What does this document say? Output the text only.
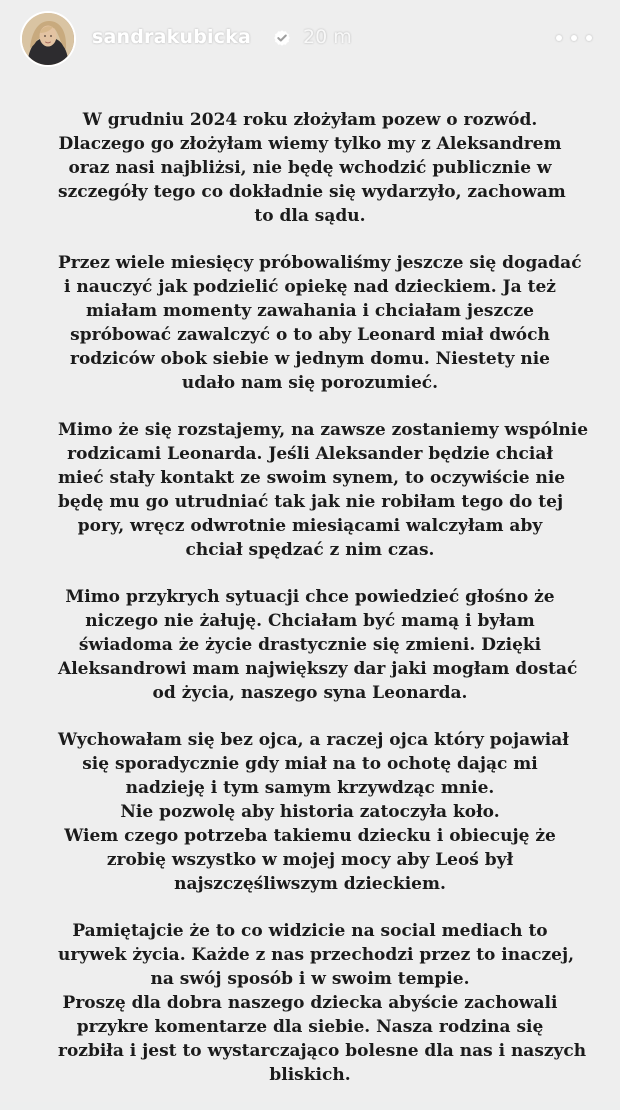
sandrakubicka	20 m
W grudniu 2024 roku złożyłam pozew o rozwód.
Dlaczego go złożyłam wiemy tylko my z Aleksandrem
oraz nasi najbliżsi, nie będę wchodzić publicznie w
szczegóły tego co dokładnie się wydarzyło, zachowam
to dla sądu.
Przez wiele miesięcy próbowaliśmy jeszcze się dogadać
i nauczyć jak podzielić opiekę nad dzieckiem. Ja też
miałam momenty zawahania i chciałam jeszcze
spróbować zawalczyć o to aby Leonard miał dwóch
rodziców obok siebie w jednym domu. Niestety nie
udało nam się porozumieć.
Mimo że się rozstajemy, na zawsze zostaniemy wspólnie
rodzicami Leonarda. Jeśli Aleksander będzie chciał
mieć stały kontakt ze swoim synem, to oczywiście nie
będę mu go utrudniać tak jak nie robiłam tego do tej
pory, wręcz odwrotnie miesiącami walczyłam aby
chciał spędzać z nim czas.
Mimo przykrych sytuacji chce powiedzieć głośno że
niczego nie żałuję. Chciałam być mamą i byłam
świadoma że życie drastycznie się zmieni. Dzięki
Aleksandrowi mam największy dar jaki mogłam dostać
od życia, naszego syna Leonarda.
Wychowałam się bez ojca, a raczej ojca który pojawiał
się sporadycznie gdy miał na to ochotę dając mi
nadzieję i tym samym krzywdząc mnie.
Nie pozwolę aby historia zatoczyła koło.
Wiem czego potrzeba takiemu dziecku i obiecuję że
zrobię wszystko w mojej mocy aby Leoś był
najszczęśliwszym dzieckiem.
Pamiętajcie że to co widzicie na social mediach to
urywek życia. Każde z nas przechodzi przez to inaczej,
na swój sposób i w swoim tempie.
Proszę dla dobra naszego dziecka abyście zachowali
przykre komentarze dla siebie. Nasza rodzina się
rozbiła i jest to wystarczająco bolesne dla nas i naszych
bliskich.
